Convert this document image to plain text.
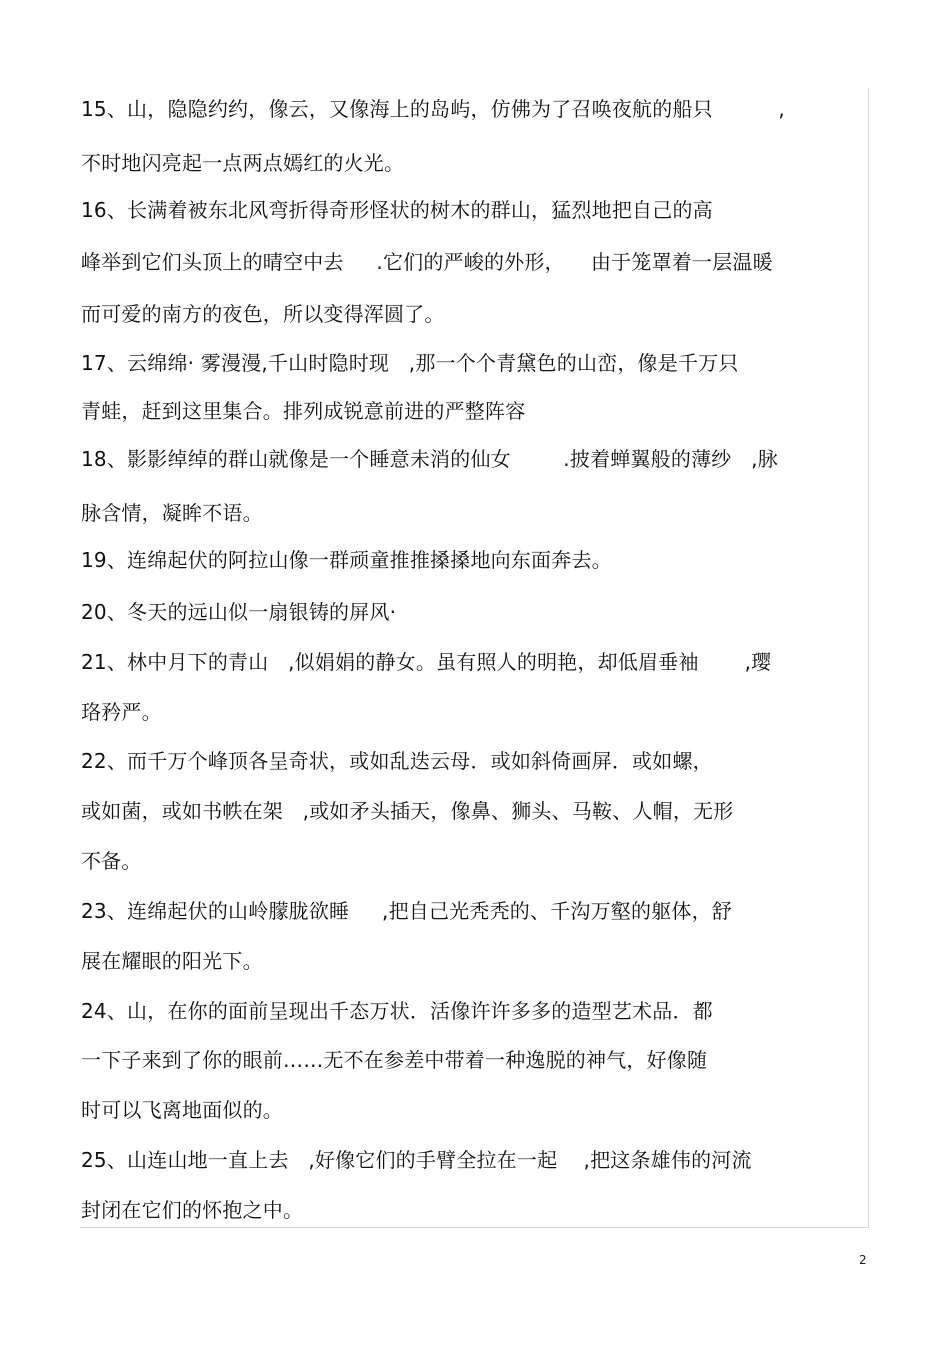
15、山，隐隐约约，像云，又像海上的岛屿，仿佛为了召唤夜航的船只          ,
不时地闪亮起一点两点嫣红的火光。
16、长满着被东北风弯折得奇形怪状的树木的群山，猛烈地把自己的高
峰举到它们头顶上的晴空中去     .它们的严峻的外形，    由于笼罩着一层温暖
而可爱的南方的夜色，所以变得浑圆了。
17、云绵绵· 雾漫漫,千山时隐时现   ,那一个个青黛色的山峦，像是千万只
青蛙，赶到这里集合。排列成锐意前进的严整阵容
18、影影绰绰的群山就像是一个睡意未消的仙女        .披着蝉翼般的薄纱   ,脉
脉含情，凝眸不语。
19、连绵起伏的阿拉山像一群顽童推推搡搡地向东面奔去。
20、冬天的远山似一扇银铸的屏风·
21、林中月下的青山   ,似娟娟的静女。虽有照人的明艳，却低眉垂袖       ,璎
珞矜严。
22、而千万个峰顶各呈奇状，或如乱迭云母．或如斜倚画屏．或如螺，
或如菌，或如书帙在架   ,或如矛头插天，像鼻、狮头、马鞍、人帽，无形
不备。
23、连绵起伏的山岭朦胧欲睡     ,把自己光秃秃的、千沟万壑的躯体，舒
展在耀眼的阳光下。
24、山，在你的面前呈现出千态万状．活像许许多多的造型艺术品．都
一下子来到了你的眼前……无不在参差中带着一种逸脱的神气，好像随
时可以飞离地面似的。
25、山连山地一直上去   ,好像它们的手臂全拉在一起    ,把这条雄伟的河流
封闭在它们的怀抱之中。
2
